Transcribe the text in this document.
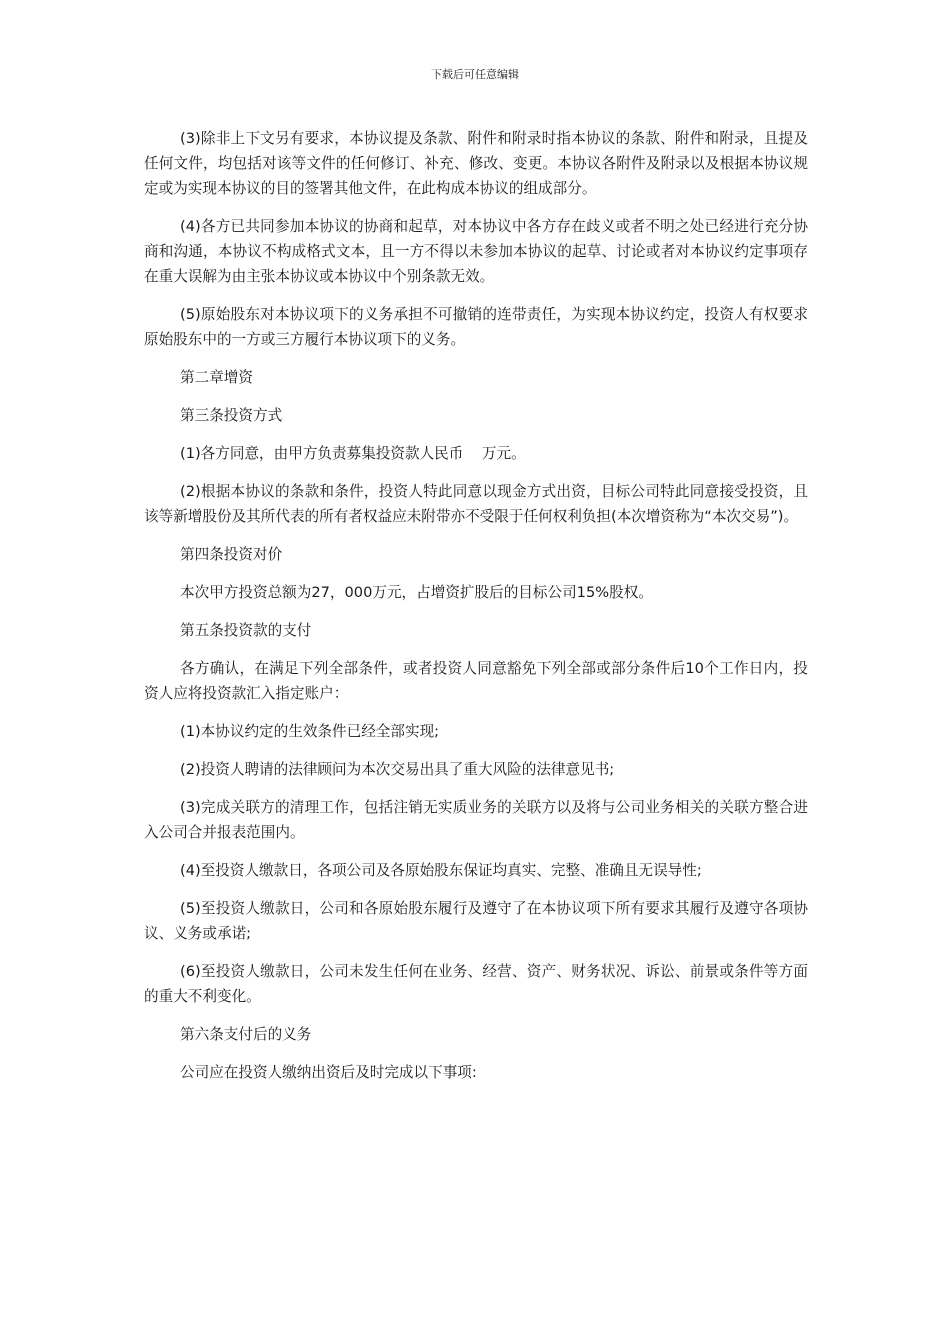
下载后可任意编辑

(3)除非上下文另有要求，本协议提及条款、附件和附录时指本协议的条款、附件和附录，且提及任何文件，均包括对该等文件的任何修订、补充、修改、变更。本协议各附件及附录以及根据本协议规定或为实现本协议的目的签署其他文件，在此构成本协议的组成部分。

(4)各方已共同参加本协议的协商和起草，对本协议中各方存在歧义或者不明之处已经进行充分协商和沟通，本协议不构成格式文本，且一方不得以未参加本协议的起草、讨论或者对本协议约定事项存在重大误解为由主张本协议或本协议中个别条款无效。

(5)原始股东对本协议项下的义务承担不可撤销的连带责任，为实现本协议约定，投资人有权要求原始股东中的一方或三方履行本协议项下的义务。

第二章增资

第三条投资方式

(1)各方同意，由甲方负责募集投资款人民币    万元。

(2)根据本协议的条款和条件，投资人特此同意以现金方式出资，目标公司特此同意接受投资，且该等新增股份及其所代表的所有者权益应未附带亦不受限于任何权利负担(本次增资称为“本次交易”)。

第四条投资对价

本次甲方投资总额为27，000万元，占增资扩股后的目标公司15%股权。

第五条投资款的支付

各方确认，在满足下列全部条件，或者投资人同意豁免下列全部或部分条件后10个工作日内，投资人应将投资款汇入指定账户：

(1)本协议约定的生效条件已经全部实现;

(2)投资人聘请的法律顾问为本次交易出具了重大风险的法律意见书;

(3)完成关联方的清理工作，包括注销无实质业务的关联方以及将与公司业务相关的关联方整合进入公司合并报表范围内。

(4)至投资人缴款日，各项公司及各原始股东保证均真实、完整、准确且无误导性;

(5)至投资人缴款日，公司和各原始股东履行及遵守了在本协议项下所有要求其履行及遵守各项协议、义务或承诺;

(6)至投资人缴款日，公司未发生任何在业务、经营、资产、财务状况、诉讼、前景或条件等方面的重大不利变化。

第六条支付后的义务

公司应在投资人缴纳出资后及时完成以下事项:
